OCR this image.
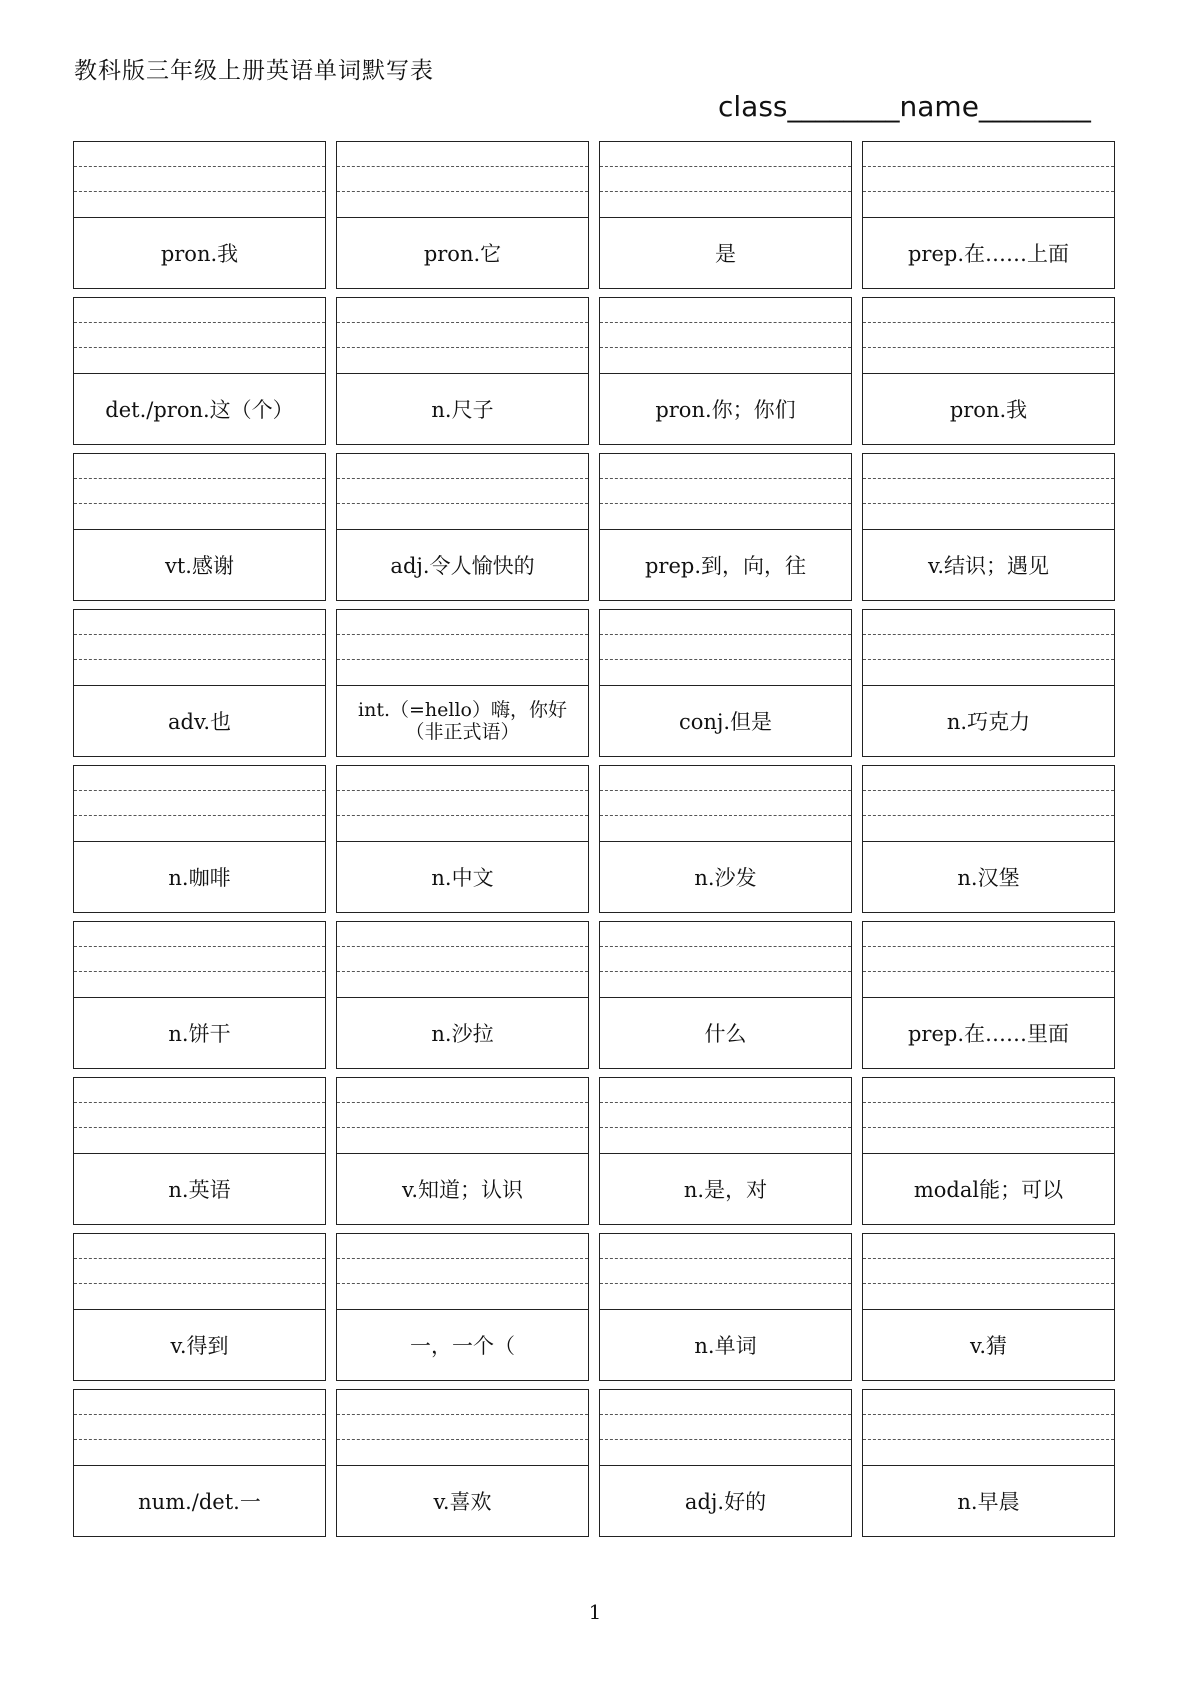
教科版三年级上册英语单词默写表
class________name________
pron.我	pron.它	是	prep.在……上面
det./pron.这（个）	n.尺子	pron.你；你们	pron.我
vt.感谢	adj.令人愉快的	prep.到，向，往	v.结识；遇见
adv.也	int.（=hello）嗨，你好（非正式语）	conj.但是	n.巧克力
n.咖啡	n.中文	n.沙发	n.汉堡
n.饼干	n.沙拉	什么	prep.在……里面
n.英语	v.知道；认识	n.是，对	modal能；可以
v.得到	一，一个（	n.单词	v.猜
num./det.一	v.喜欢	adj.好的	n.早晨
1
